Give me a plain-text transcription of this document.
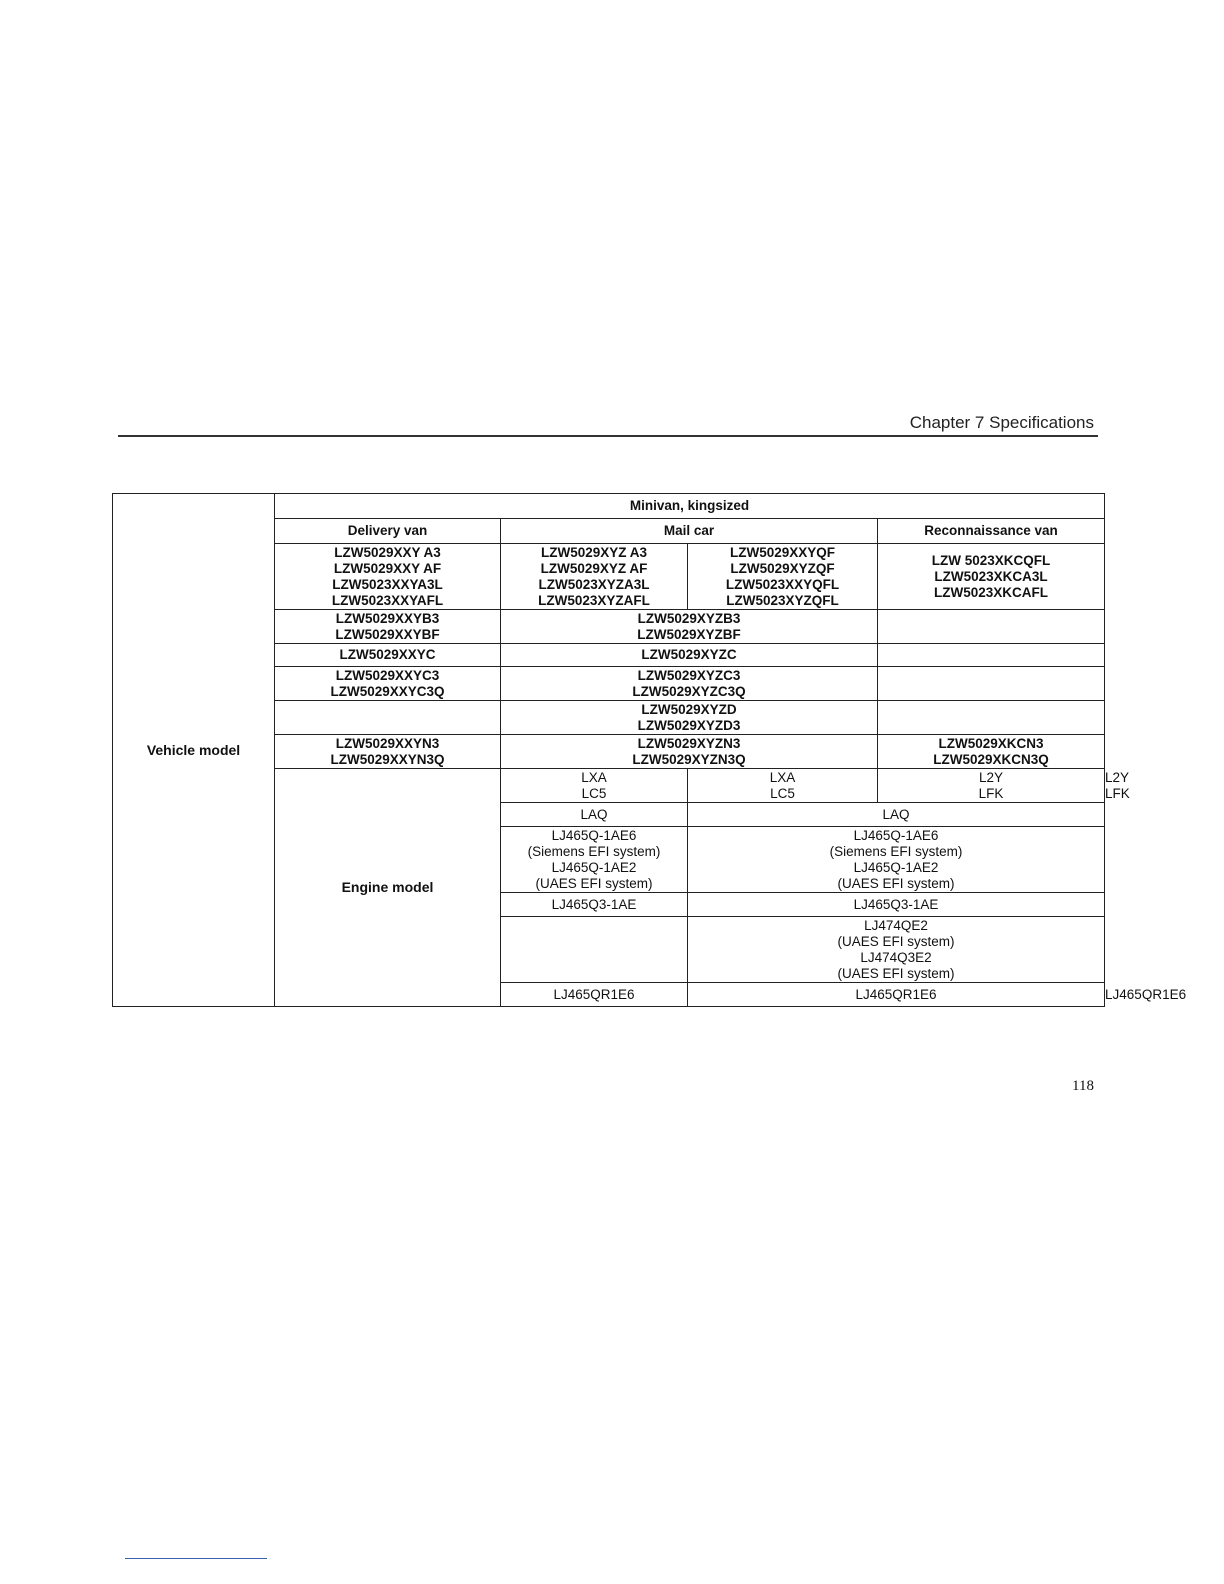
Chapter 7 Specifications
Vehicle model	Minivan, kingsized				
	Delivery van	Mail car		Reconnaissance van	

	LZW5029XXY A3
LZW5029XXY AF
LZW5023XXYA3L
LZW5023XXYAFL	LZW5029XYZ A3
LZW5029XYZ AF
LZW5023XYZA3L
LZW5023XYZAFL	LZW5029XXYQF
LZW5029XYZQF
LZW5023XXYQFL
LZW5023XYZQFL	LZW 5023XKCQFL
LZW5023XKCA3L
LZW5023XKCAFL	

	LZW5029XXYB3
LZW5029XXYBF	LZW5029XYZB3
LZW5029XYZBF			

	LZW5029XXYC	LZW5029XYZC			

	LZW5029XXYC3
LZW5029XXYC3Q	LZW5029XYZC3
LZW5029XYZC3Q			

		LZW5029XYZD
LZW5029XYZD3			

	LZW5029XXYN3
LZW5029XXYN3Q	LZW5029XYZN3
LZW5029XYZN3Q		LZW5029XKCN3
LZW5029XKCN3Q	

	Engine model	LXA
LC5	LXA
LC5	L2Y
LFK	L2Y
LFK

		LAQ	LAQ		

		LJ465Q-1AE6
(Siemens EFI system)
LJ465Q-1AE2
(UAES EFI system)	LJ465Q-1AE6
(Siemens EFI system)
LJ465Q-1AE2
(UAES EFI system)		

		LJ465Q3-1AE	LJ465Q3-1AE		

			LJ474QE2
(UAES EFI system)
LJ474Q3E2
(UAES EFI system)		

		LJ465QR1E6	LJ465QR1E6		LJ465QR1E6
118
